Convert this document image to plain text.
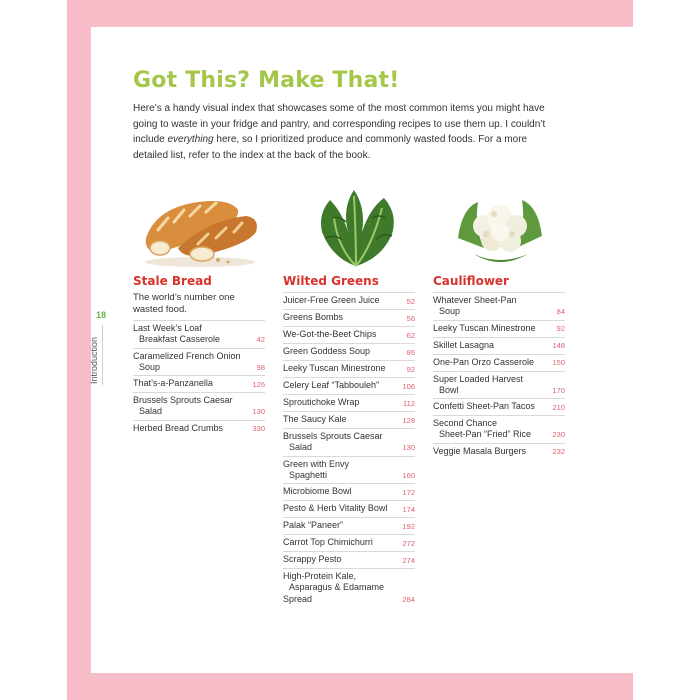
Got This? Make That!

Here’s a handy visual index that showcases some of the most common items you might have going to waste in your fridge and pantry, and corresponding recipes to use them up. I couldn’t include everything here, so I prioritized produce and commonly wasted foods. For a more detailed list, refer to the index at the back of the book.

18
Introduction
Stale Bread
The world’s number one wasted food.
Last Week’s Loaf
Breakfast Casserole	42
Caramelized French Onion
Soup	98
That’s-a-Panzanella	126
Brussels Sprouts Caesar
Salad	130
Herbed Bread Crumbs	330
Wilted Greens
Juicer-Free Green Juice	52
Greens Bombs	56
We-Got-the-Beet Chips	62
Green Goddess Soup	86
Leeky Tuscan Minestrone	92
Celery Leaf “Tabbouleh”	106
Sproutichoke Wrap	112
The Saucy Kale	128
Brussels Sprouts Caesar
Salad	130
Green with Envy
Spaghetti	160
Microbiome Bowl	172
Pesto & Herb Vitality Bowl	174
Palak “Paneer”	192
Carrot Top Chimichurri	272
Scrappy Pesto	274
High-Protein Kale,
Asparagus & Edamame
Spread	284
Cauliflower
Whatever Sheet-Pan
Soup	84
Leeky Tuscan Minestrone	92
Skillet Lasagna	148
One-Pan Orzo Casserole	150
Super Loaded Harvest
Bowl	170
Confetti Sheet-Pan Tacos	210
Second Chance
Sheet-Pan “Fried” Rice	230
Veggie Masala Burgers	232
